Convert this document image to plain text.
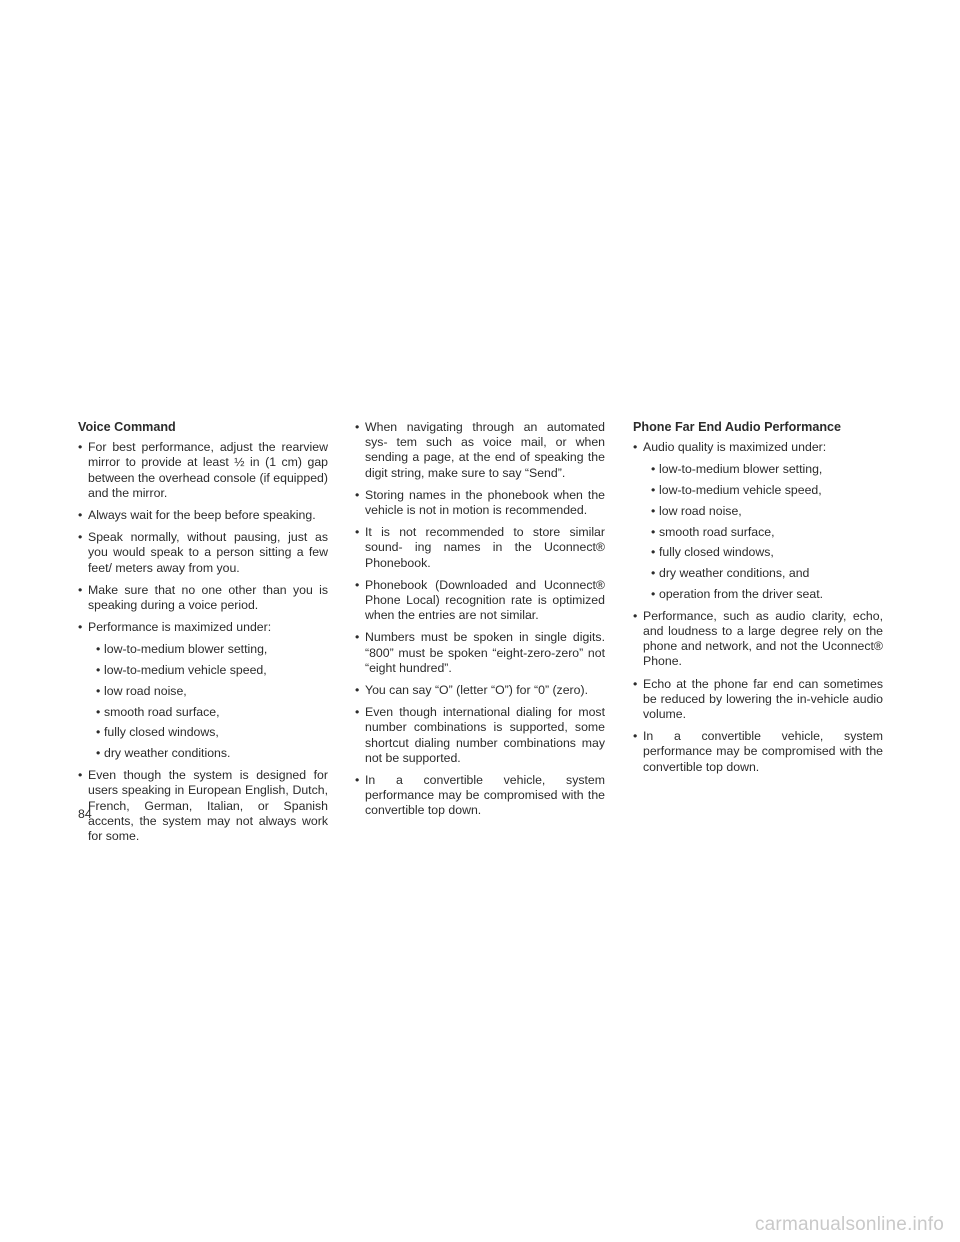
Voice Command
• For best performance, adjust the rearview mirror to provide at least ½ in (1 cm) gap between the overhead console (if equipped) and the mirror.
• Always wait for the beep before speaking.
• Speak normally, without pausing, just as you would speak to a person sitting a few feet/ meters away from you.
• Make sure that no one other than you is speaking during a voice period.
• Performance is maximized under:
• low-to-medium blower setting,
• low-to-medium vehicle speed,
• low road noise,
• smooth road surface,
• fully closed windows,
• dry weather conditions.
• Even though the system is designed for users speaking in European English, Dutch, French, German, Italian, or Spanish accents, the system may not always work for some.
• When navigating through an automated sys- tem such as voice mail, or when sending a page, at the end of speaking the digit string, make sure to say “Send”.
• Storing names in the phonebook when the vehicle is not in motion is recommended.
• It is not recommended to store similar sound- ing names in the Uconnect® Phonebook.
• Phonebook (Downloaded and Uconnect® Phone Local) recognition rate is optimized when the entries are not similar.
• Numbers must be spoken in single digits. “800” must be spoken “eight-zero-zero” not “eight hundred”.
• You can say “O” (letter “O”) for “0” (zero).
• Even though international dialing for most number combinations is supported, some shortcut dialing number combinations may not be supported.
• In a convertible vehicle, system performance may be compromised with the convertible top down.
Phone Far End Audio Performance
• Audio quality is maximized under:
• low-to-medium blower setting,
• low-to-medium vehicle speed,
• low road noise,
• smooth road surface,
• fully closed windows,
• dry weather conditions, and
• operation from the driver seat.
• Performance, such as audio clarity, echo, and loudness to a large degree rely on the phone and network, and not the Uconnect® Phone.
• Echo at the phone far end can sometimes be reduced by lowering the in-vehicle audio volume.
• In a convertible vehicle, system performance may be compromised with the convertible top down.
84
carmanualsonline.info
